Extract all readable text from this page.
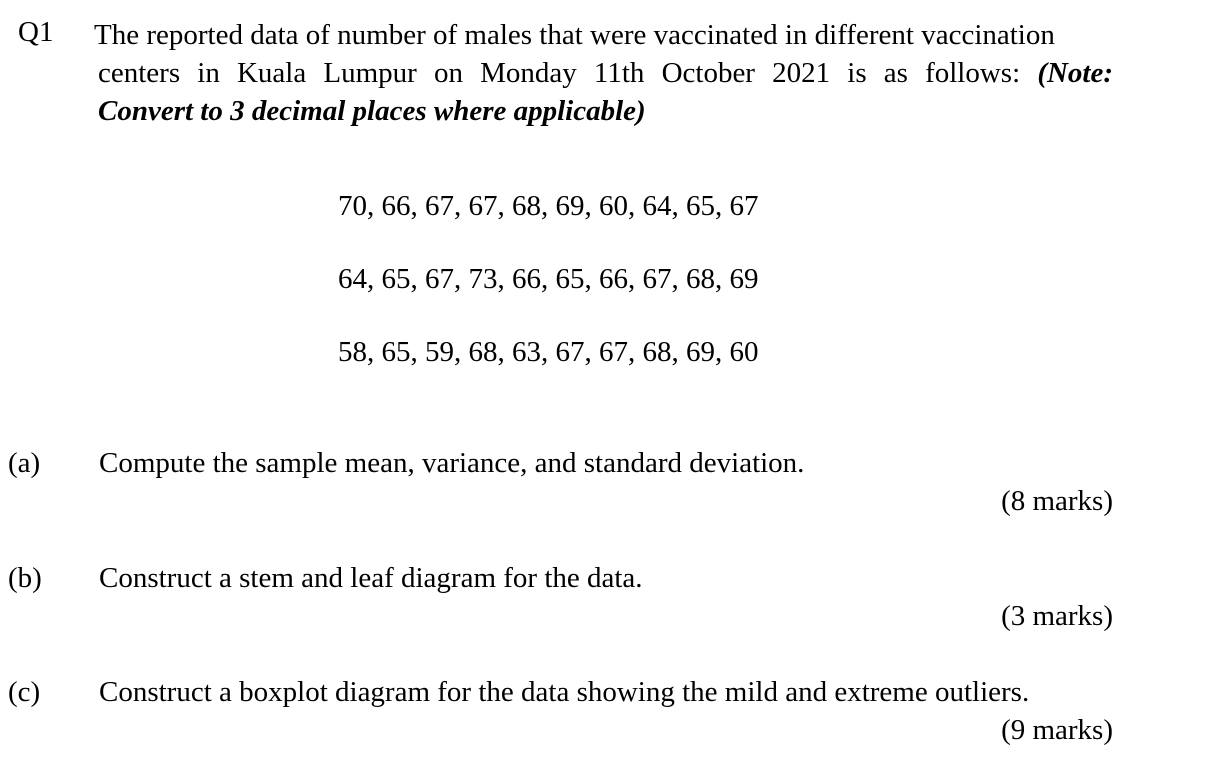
Q1 The reported data of number of males that were vaccinated in different vaccination
centers in Kuala Lumpur on Monday 11th October 2021 is as follows: (Note:
Convert to 3 decimal places where applicable)
70, 66, 67, 67, 68, 69, 60, 64, 65, 67
64, 65, 67, 73, 66, 65, 66, 67, 68, 69
58, 65, 59, 68, 63, 67, 67, 68, 69, 60
(a) Compute the sample mean, variance, and standard deviation.
(8 marks)
(b) Construct a stem and leaf diagram for the data.
(3 marks)
(c) Construct a boxplot diagram for the data showing the mild and extreme outliers.
(9 marks)
